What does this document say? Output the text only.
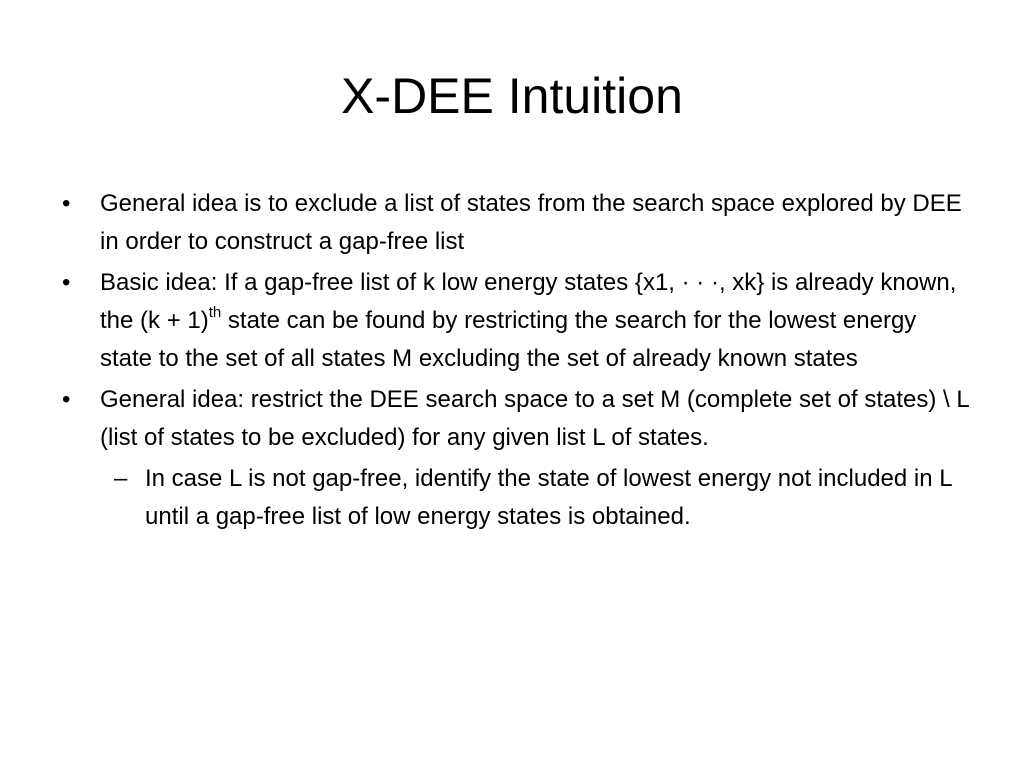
X-DEE Intuition
•	General idea is to exclude a list of states from the search space explored by DEE in order to construct a gap-free list
•	Basic idea: If a gap-free list of k low energy states {x1, · · ·, xk} is already known, the $(k + 1)^{th}$ state can be found by restricting the search for the lowest energy state to the set of all states M excluding the set of already known states
•	General idea: restrict the DEE search space to a set M (complete set of states) \ L (list of states to be excluded) for any given list L of states.
– In case L is not gap-free, identify the state of lowest energy not included in L until a gap-free list of low energy states is obtained.
